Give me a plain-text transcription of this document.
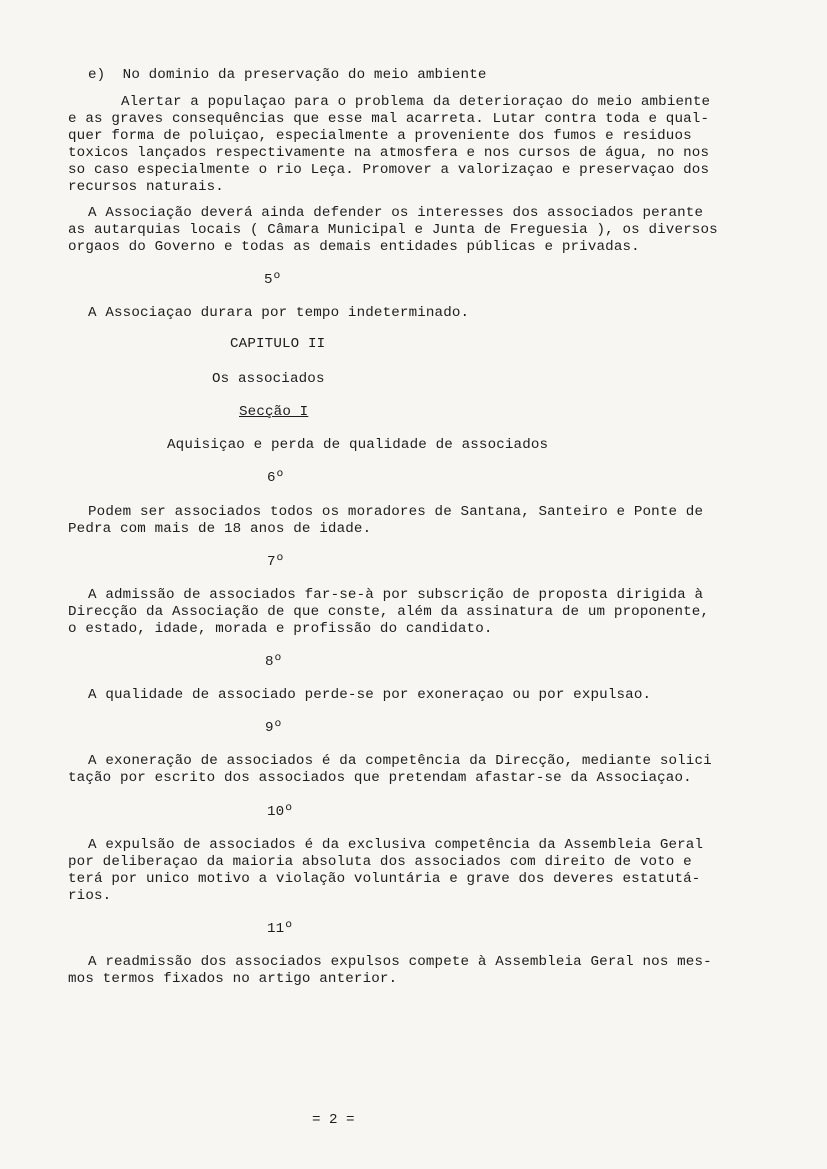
e)  No dominio da preservação do meio ambiente
Alertar a populaçao para o problema da deterioraçao do meio ambiente
e as graves consequências que esse mal acarreta. Lutar contra toda e qual-
quer forma de poluiçao, especialmente a proveniente dos fumos e residuos
toxicos lançados respectivamente na atmosfera e nos cursos de água, no nos
so caso especialmente o rio Leça. Promover a valorizaçao e preservaçao dos
recursos naturais.
A Associação deverá ainda defender os interesses dos associados perante
as autarquias locais ( Câmara Municipal e Junta de Freguesia ), os diversos
orgaos do Governo e todas as demais entidades públicas e privadas.
5º
A Associaçao durara por tempo indeterminado.
CAPITULO II
Os associados
Secção I
Aquisiçao e perda de qualidade de associados
6º
Podem ser associados todos os moradores de Santana, Santeiro e Ponte de
Pedra com mais de 18 anos de idade.
7º
A admissão de associados far-se-à por subscrição de proposta dirigida à
Direcção da Associação de que conste, além da assinatura de um proponente,
o estado, idade, morada e profissão do candidato.
8º
A qualidade de associado perde-se por exoneraçao ou por expulsao.
9º
A exoneração de associados é da competência da Direcção, mediante solici
tação por escrito dos associados que pretendam afastar-se da Associaçao.
10º
A expulsão de associados é da exclusiva competência da Assembleia Geral
por deliberaçao da maioria absoluta dos associados com direito de voto e
terá por unico motivo a violação voluntária e grave dos deveres estatutá-
rios.
11º
A readmissão dos associados expulsos compete à Assembleia Geral nos mes-
mos termos fixados no artigo anterior.
= 2 =
